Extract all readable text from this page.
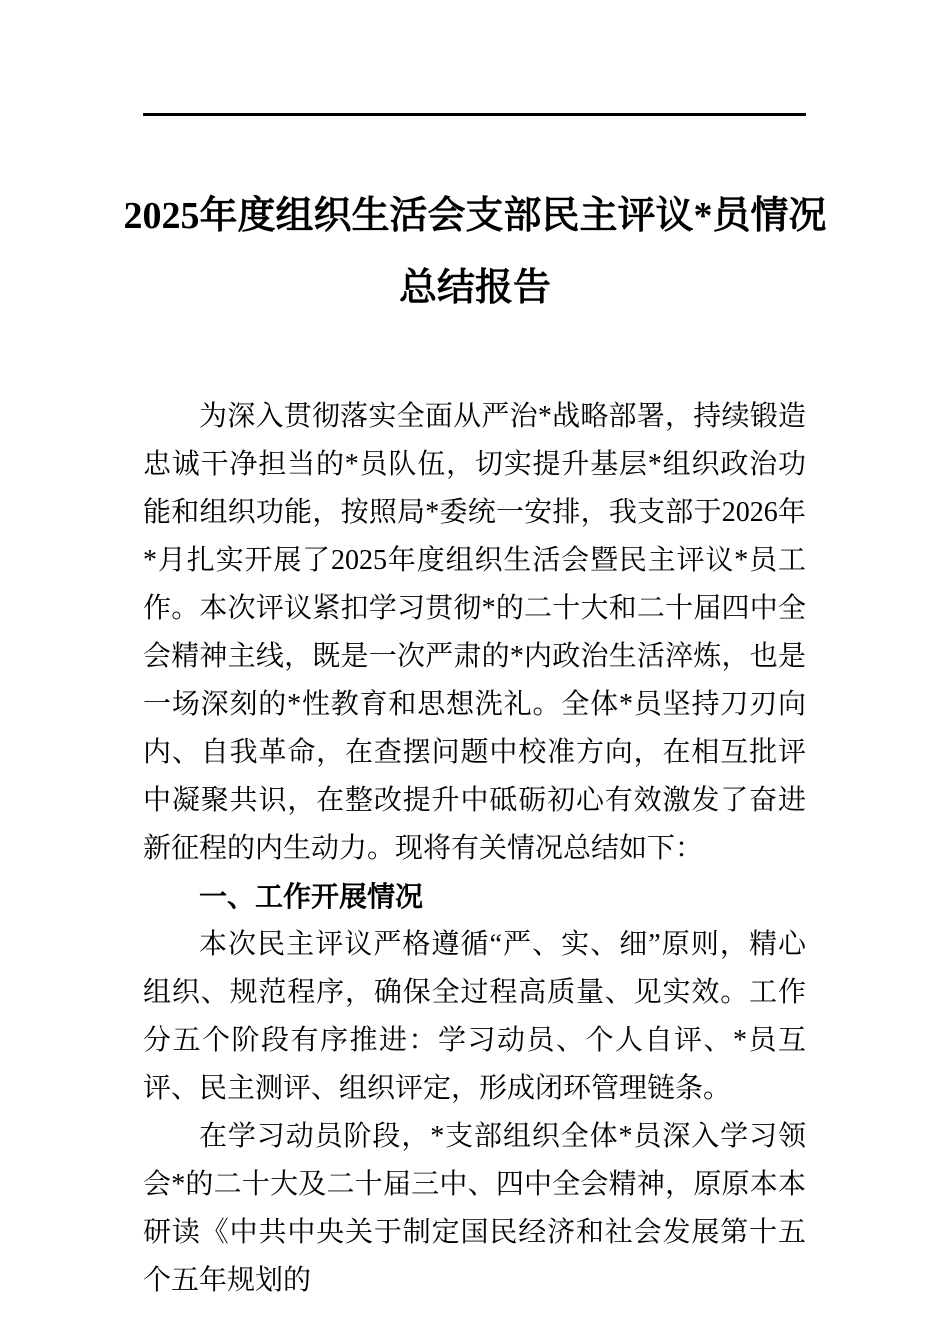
2025年度组织生活会支部民主评议*员情况
总结报告

为深入贯彻落实全面从严治*战略部署，持续锻造忠诚干净担当的*员队伍，切实提升基层*组织政治功能和组织功能，按照局*委统一安排，我支部于2026年*月扎实开展了2025年度组织生活会暨民主评议*员工作。本次评议紧扣学习贯彻*的二十大和二十届四中全会精神主线，既是一次严肃的*内政治生活淬炼，也是一场深刻的*性教育和思想洗礼。全体*员坚持刀刃向内、自我革命，在查摆问题中校准方向，在相互批评中凝聚共识，在整改提升中砥砺初心有效激发了奋进新征程的内生动力。现将有关情况总结如下：

一、工作开展情况

本次民主评议严格遵循“严、实、细”原则，精心组织、规范程序，确保全过程高质量、见实效。工作分五个阶段有序推进：学习动员、个人自评、*员互评、民主测评、组织评定，形成闭环管理链条。

在学习动员阶段，*支部组织全体*员深入学习领会*的二十大及二十届三中、四中全会精神，原原本本研读《中共中央关于制定国民经济和社会发展第十五个五年规划的
